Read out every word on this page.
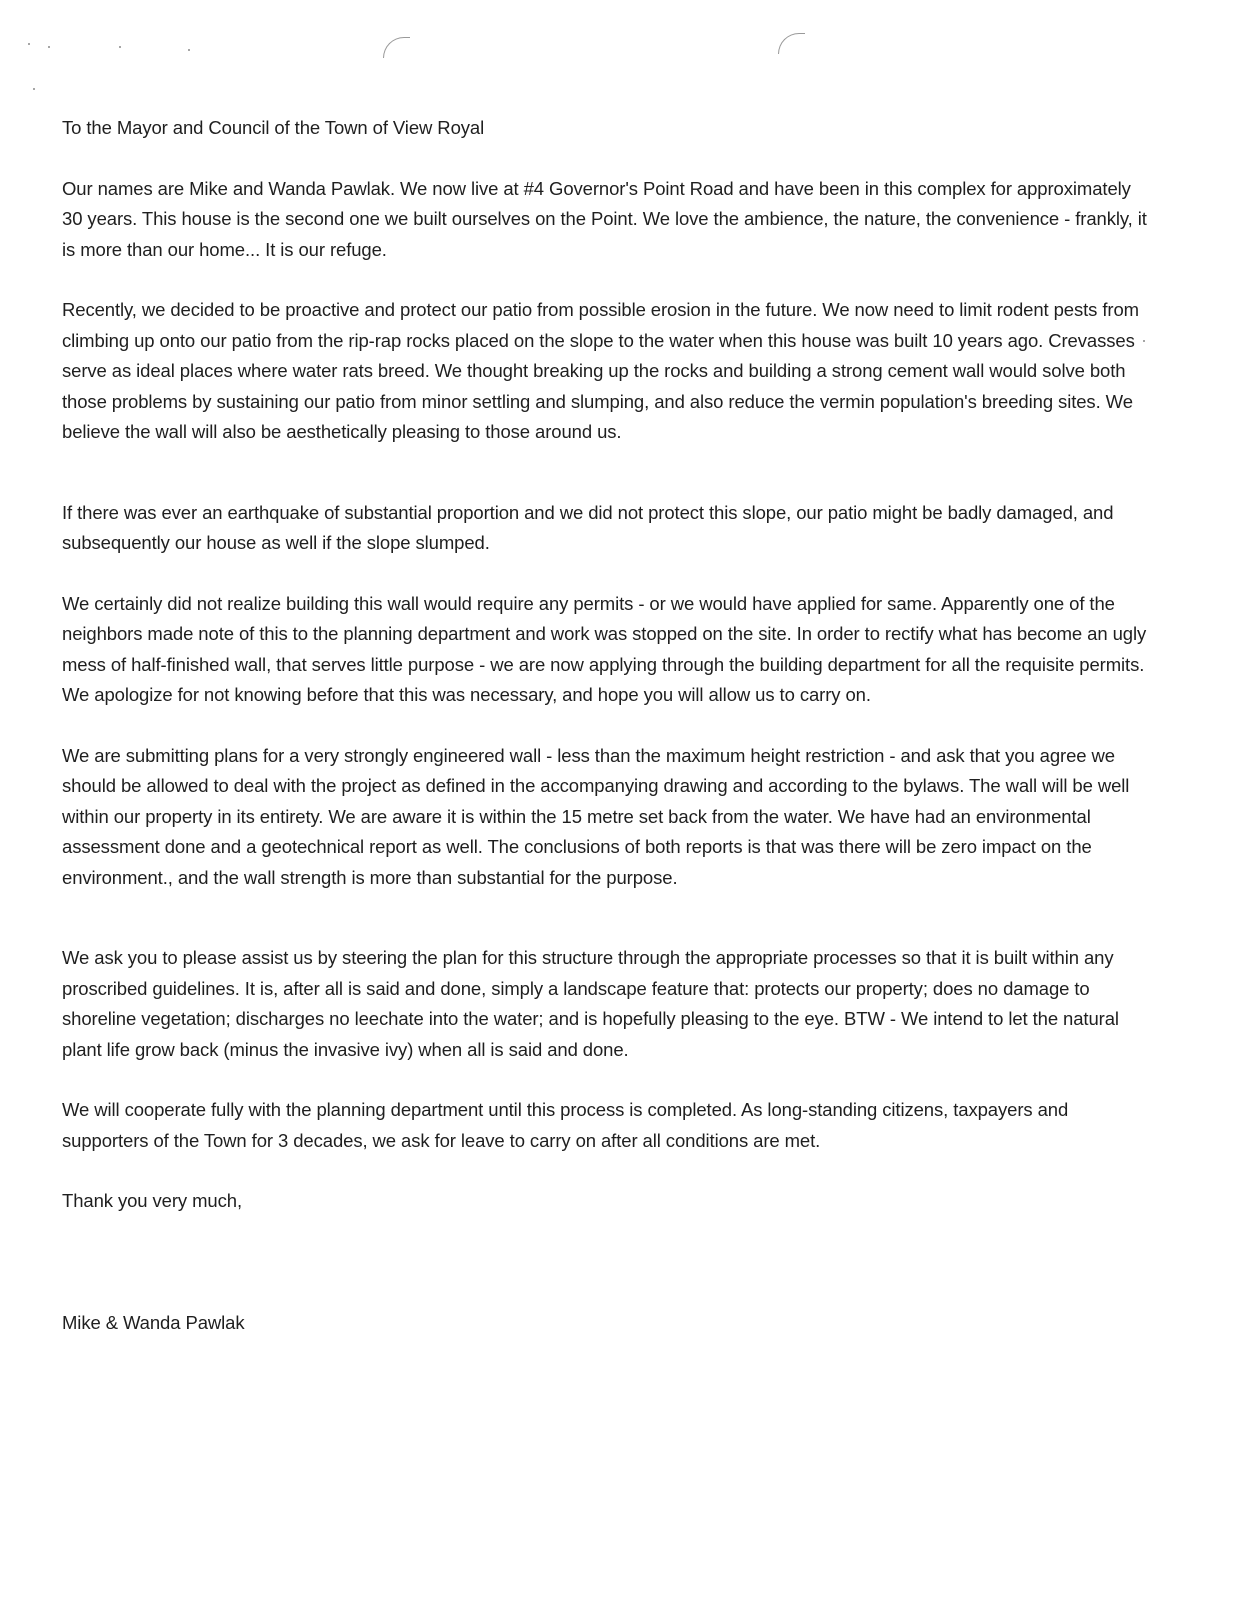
To the Mayor and Council of the Town of View Royal

Our names are Mike and Wanda Pawlak. We now live at #4 Governor's Point Road and have been in this complex for approximately 30 years. This house is the second one we built ourselves on the Point. We love the ambience, the nature, the convenience - frankly, it is more than our home... It is our refuge.

Recently, we decided to be proactive and protect our patio from possible erosion in the future. We now need to limit rodent pests from climbing up onto our patio from the rip-rap rocks placed on the slope to the water when this house was built 10 years ago. Crevasses serve as ideal places where water rats breed. We thought breaking up the rocks and building a strong cement wall would solve both those problems by sustaining our patio from minor settling and slumping, and also reduce the vermin population's breeding sites. We believe the wall will also be aesthetically pleasing to those around us.

If there was ever an earthquake of substantial proportion and we did not protect this slope, our patio might be badly damaged, and subsequently our house as well if the slope slumped.

We certainly did not realize building this wall would require any permits - or we would have applied for same. Apparently one of the neighbors made note of this to the planning department and work was stopped on the site. In order to rectify what has become an ugly mess of half-finished wall, that serves little purpose - we are now applying through the building department for all the requisite permits. We apologize for not knowing before that this was necessary, and hope you will allow us to carry on.

We are submitting plans for a very strongly engineered wall - less than the maximum height restriction - and ask that you agree we should be allowed to deal with the project as defined in the accompanying drawing and according to the bylaws. The wall will be well within our property in its entirety. We are aware it is within the 15 metre set back from the water. We have had an environmental assessment done and a geotechnical report as well. The conclusions of both reports is that was there will be zero impact on the environment., and the wall strength is more than substantial for the purpose.

We ask you to please assist us by steering the plan for this structure through the appropriate processes so that it is built within any proscribed guidelines. It is, after all is said and done, simply a landscape feature that: protects our property; does no damage to shoreline vegetation; discharges no leechate into the water; and is hopefully pleasing to the eye. BTW - We intend to let the natural plant life grow back (minus the invasive ivy) when all is said and done.

We will cooperate fully with the planning department until this process is completed. As long-standing citizens, taxpayers and supporters of the Town for 3 decades, we ask for leave to carry on after all conditions are met.

Thank you very much,

Mike & Wanda Pawlak
